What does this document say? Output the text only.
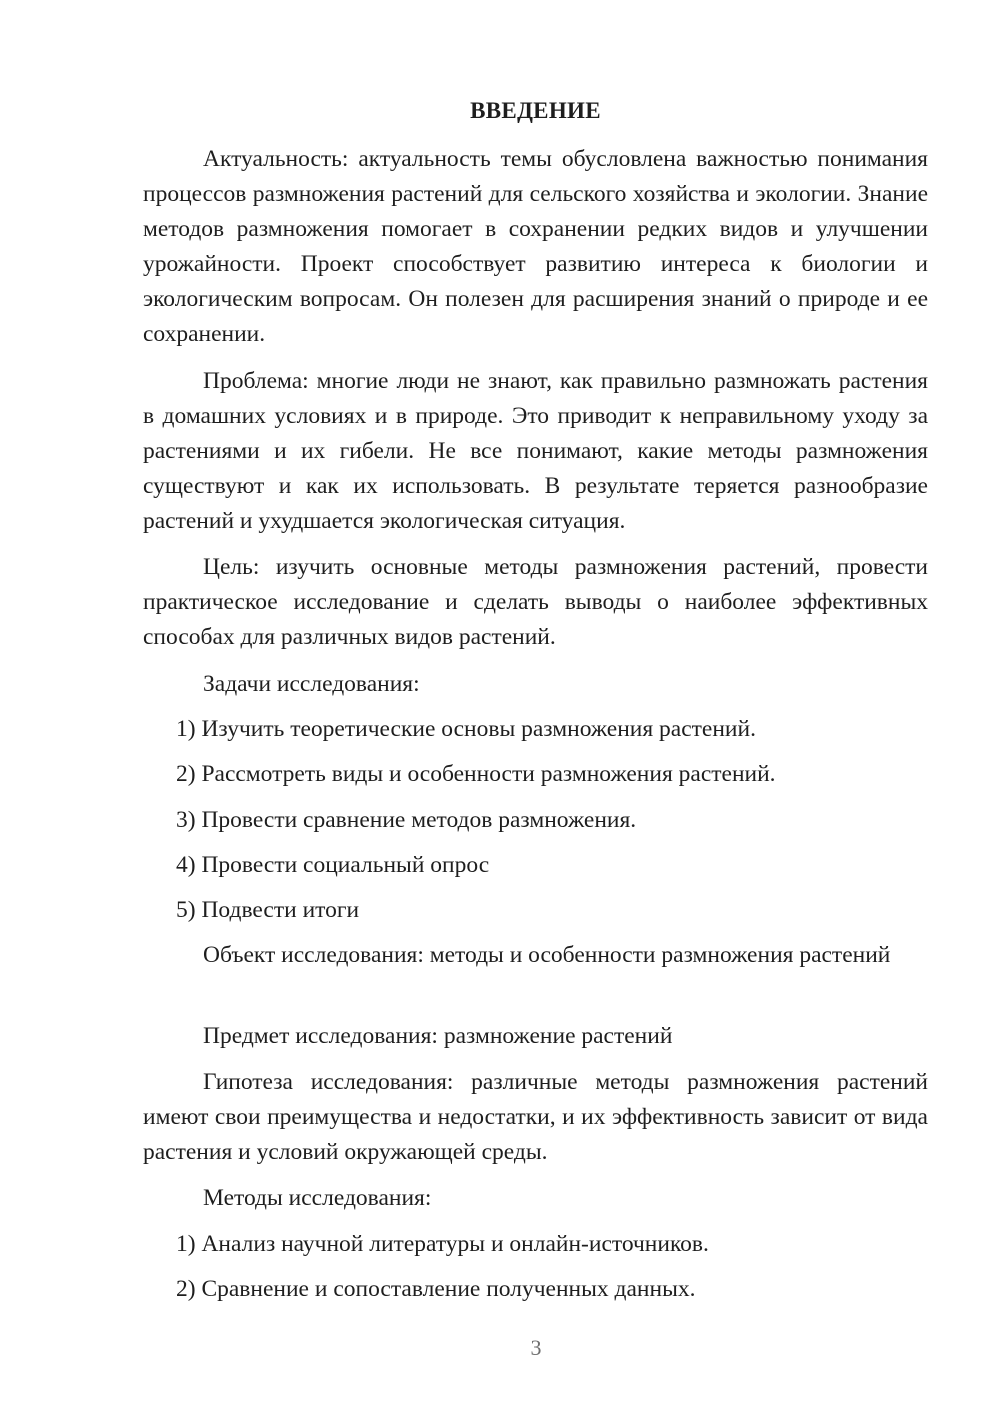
ВВЕДЕНИЕ

Актуальность: актуальность темы обусловлена важностью понимания процессов размножения растений для сельского хозяйства и экологии. Знание методов размножения помогает в сохранении редких видов и улучшении урожайности. Проект способствует развитию интереса к биологии и экологическим вопросам. Он полезен для расширения знаний о природе и ее сохранении.

Проблема: многие люди не знают, как правильно размножать растения в домашних условиях и в природе. Это приводит к неправильному уходу за растениями и их гибели. Не все понимают, какие методы размножения существуют и как их использовать. В результате теряется разнообразие растений и ухудшается экологическая ситуация.

Цель: изучить основные методы размножения растений, провести практическое исследование и сделать выводы о наиболее эффективных способах для различных видов растений.

Задачи исследования:

1) Изучить теоретические основы размножения растений.

2) Рассмотреть виды и особенности размножения растений.

3) Провести сравнение методов размножения.

4) Провести социальный опрос

5) Подвести итоги

Объект исследования: методы и особенности размножения растений

Предмет исследования: размножение растений

Гипотеза исследования: различные методы размножения растений имеют свои преимущества и недостатки, и их эффективность зависит от вида растения и условий окружающей среды.

Методы исследования:

1) Анализ научной литературы и онлайн-источников.

2) Сравнение и сопоставление полученных данных.

3
